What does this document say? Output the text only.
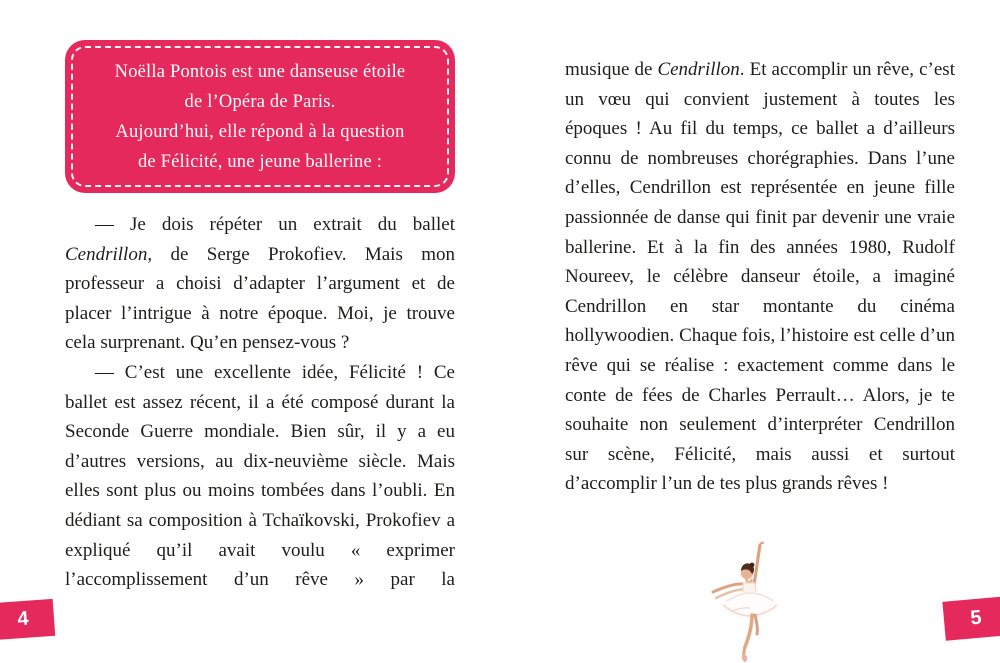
Noëlla Pontois est une danseuse étoile
de l’Opéra de Paris.
Aujourd’hui, elle répond à la question
de Félicité, une jeune ballerine :

— Je dois répéter un extrait du ballet Cendrillon, de Serge Prokofiev. Mais mon professeur a choisi d’adapter l’argument et de placer l’intrigue à notre époque. Moi, je trouve cela surprenant. Qu’en pensez-vous ?

— C’est une excellente idée, Félicité ! Ce ballet est assez récent, il a été composé durant la Seconde Guerre mondiale. Bien sûr, il y a eu d’autres versions, au dix-neuvième siècle. Mais elles sont plus ou moins tombées dans l’oubli. En dédiant sa composition à Tchaïkovski, Prokofiev a expliqué qu’il avait voulu « exprimer l’accomplissement d’un rêve » par la

musique de Cendrillon. Et accomplir un rêve, c’est un vœu qui convient justement à toutes les époques ! Au fil du temps, ce ballet a d’ailleurs connu de nombreuses chorégraphies. Dans l’une d’elles, Cendrillon est représentée en jeune fille passionnée de danse qui finit par devenir une vraie ballerine. Et à la fin des années 1980, Rudolf Noureev, le célèbre danseur étoile, a imaginé Cendrillon en star montante du cinéma hollywoodien. Chaque fois, l’histoire est celle d’un rêve qui se réalise : exactement comme dans le conte de fées de Charles Perrault… Alors, je te souhaite non seulement d’interpréter Cendrillon sur scène, Félicité, mais aussi et surtout d’accomplir l’un de tes plus grands rêves !

4	5
